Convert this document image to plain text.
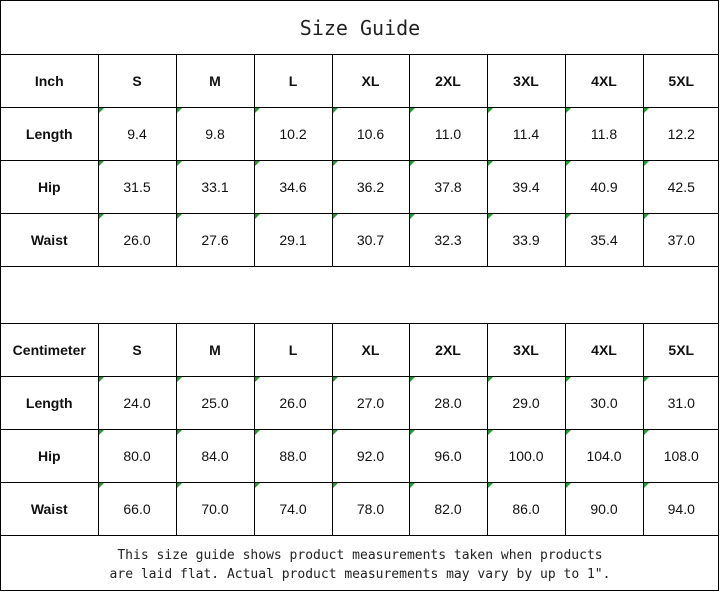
Size Guide
Inch	S	M	L	XL	2XL	3XL	4XL	5XL
Length	9.4	9.8	10.2	10.6	11.0	11.4	11.8	12.2
Hip	31.5	33.1	34.6	36.2	37.8	39.4	40.9	42.5
Waist	26.0	27.6	29.1	30.7	32.3	33.9	35.4	37.0
Centimeter	S	M	L	XL	2XL	3XL	4XL	5XL
Length	24.0	25.0	26.0	27.0	28.0	29.0	30.0	31.0
Hip	80.0	84.0	88.0	92.0	96.0	100.0	104.0	108.0
Waist	66.0	70.0	74.0	78.0	82.0	86.0	90.0	94.0
This size guide shows product measurements taken when products
are laid flat. Actual product measurements may vary by up to 1".
